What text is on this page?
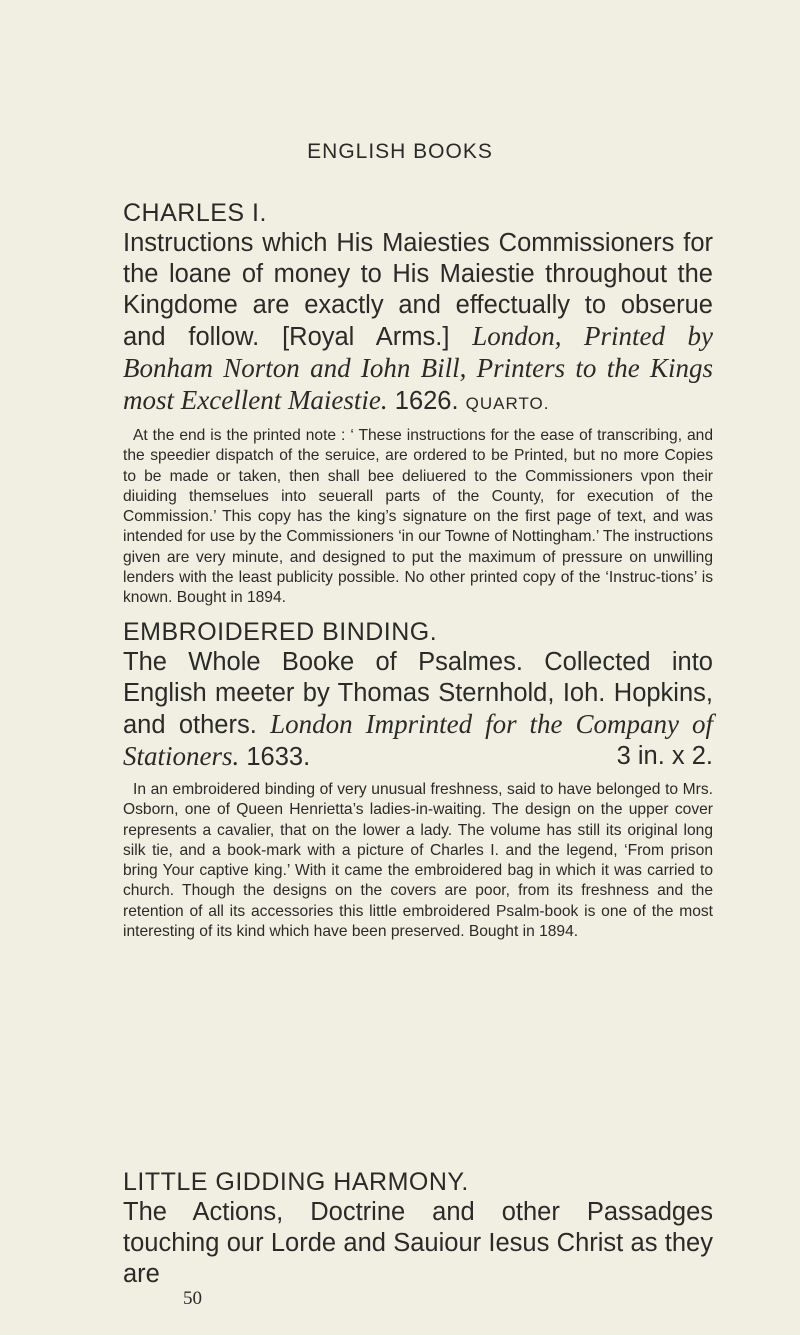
ENGLISH BOOKS
CHARLES I.
Instructions which His Maiesties Commissioners for the loane of money to His Maiestie throughout the Kingdome are exactly and effectually to obserue and follow. [Royal Arms.] London, Printed by Bonham Norton and Iohn Bill, Printers to the Kings most Excellent Maiestie. 1626. QUARTO.

At the end is the printed note : ‘ These instructions for the ease of transcribing, and the speedier dispatch of the seruice, are ordered to be Printed, but no more Copies to be made or taken, then shall bee deliuered to the Commissioners vpon their diuiding themselues into seuerall parts of the County, for execution of the Commission.’ This copy has the king’s signature on the first page of text, and was intended for use by the Commissioners ‘in our Towne of Nottingham.’ The instructions given are very minute, and designed to put the maximum of pressure on unwilling lenders with the least publicity possible. No other printed copy of the ‘Instruc-tions’ is known. Bought in 1894.

EMBROIDERED BINDING.
The Whole Booke of Psalmes. Collected into English meeter by Thomas Sternhold, Ioh. Hopkins, and others. London Imprinted for the Company of Stationers. 1633.	3 in. x 2.

In an embroidered binding of very unusual freshness, said to have belonged to Mrs. Osborn, one of Queen Henrietta’s ladies-in-waiting. The design on the upper cover represents a cavalier, that on the lower a lady. The volume has still its original long silk tie, and a book-mark with a picture of Charles I. and the legend, ‘From prison bring Your captive king.’ With it came the embroidered bag in which it was carried to church. Though the designs on the covers are poor, from its freshness and the retention of all its accessories this little embroidered Psalm-book is one of the most interesting of its kind which have been preserved. Bought in 1894.

LITTLE GIDDING HARMONY.
The Actions, Doctrine and other Passadges touching our Lorde and Sauiour Iesus Christ as they are
50
